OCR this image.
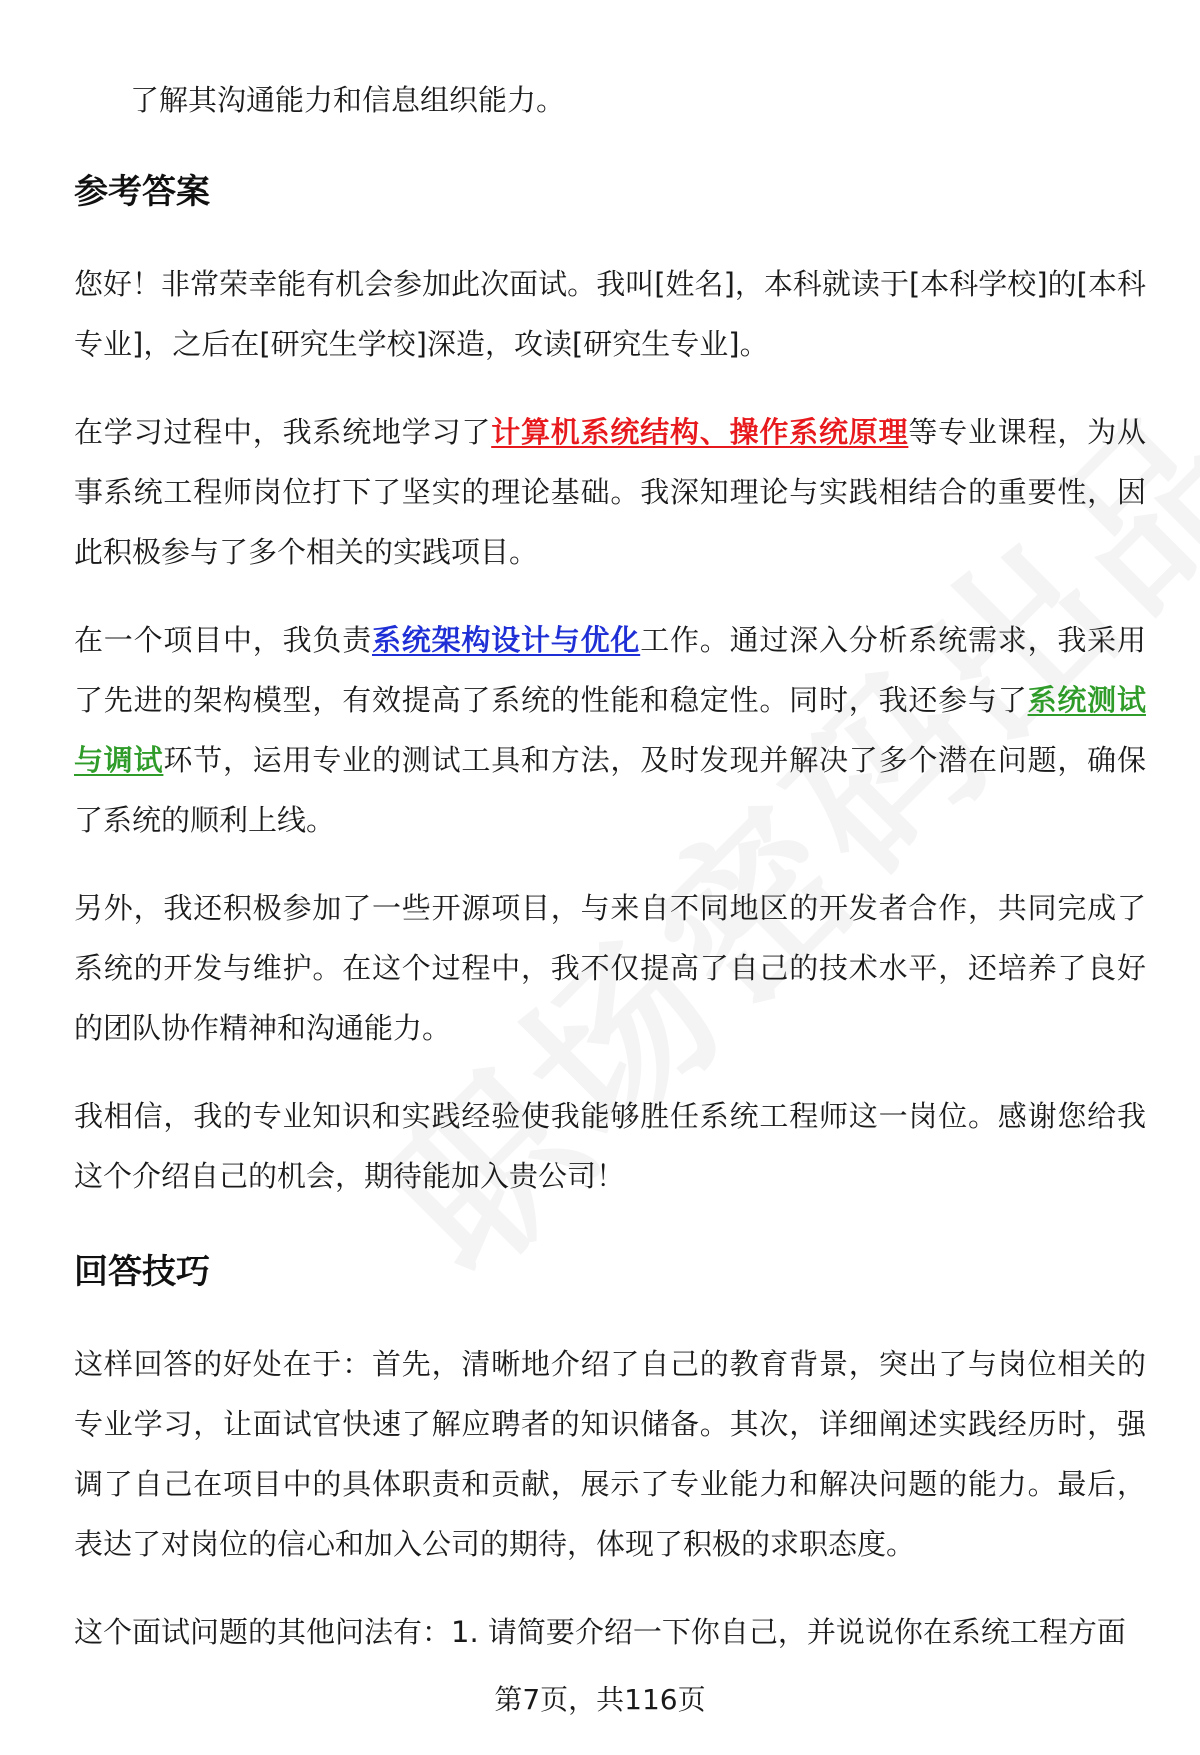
了解其沟通能力和信息组织能力。

参考答案

您好！非常荣幸能有机会参加此次面试。我叫[姓名]，本科就读于[本科学校]的[本科专业]，之后在[研究生学校]深造，攻读[研究生专业]。

在学习过程中，我系统地学习了计算机系统结构、操作系统原理等专业课程，为从事系统工程师岗位打下了坚实的理论基础。我深知理论与实践相结合的重要性，因此积极参与了多个相关的实践项目。

在一个项目中，我负责系统架构设计与优化工作。通过深入分析系统需求，我采用了先进的架构模型，有效提高了系统的性能和稳定性。同时，我还参与了系统测试与调试环节，运用专业的测试工具和方法，及时发现并解决了多个潜在问题，确保了系统的顺利上线。

另外，我还积极参加了一些开源项目，与来自不同地区的开发者合作，共同完成了系统的开发与维护。在这个过程中，我不仅提高了自己的技术水平，还培养了良好的团队协作精神和沟通能力。

我相信，我的专业知识和实践经验使我能够胜任系统工程师这一岗位。感谢您给我这个介绍自己的机会，期待能加入贵公司！

回答技巧

这样回答的好处在于：首先，清晰地介绍了自己的教育背景，突出了与岗位相关的专业学习，让面试官快速了解应聘者的知识储备。其次，详细阐述实践经历时，强调了自己在项目中的具体职责和贡献，展示了专业能力和解决问题的能力。最后，表达了对岗位的信心和加入公司的期待，体现了积极的求职态度。

这个面试问题的其他问法有：1. 请简要介绍一下你自己，并说说你在系统工程方面

第7页，共116页
